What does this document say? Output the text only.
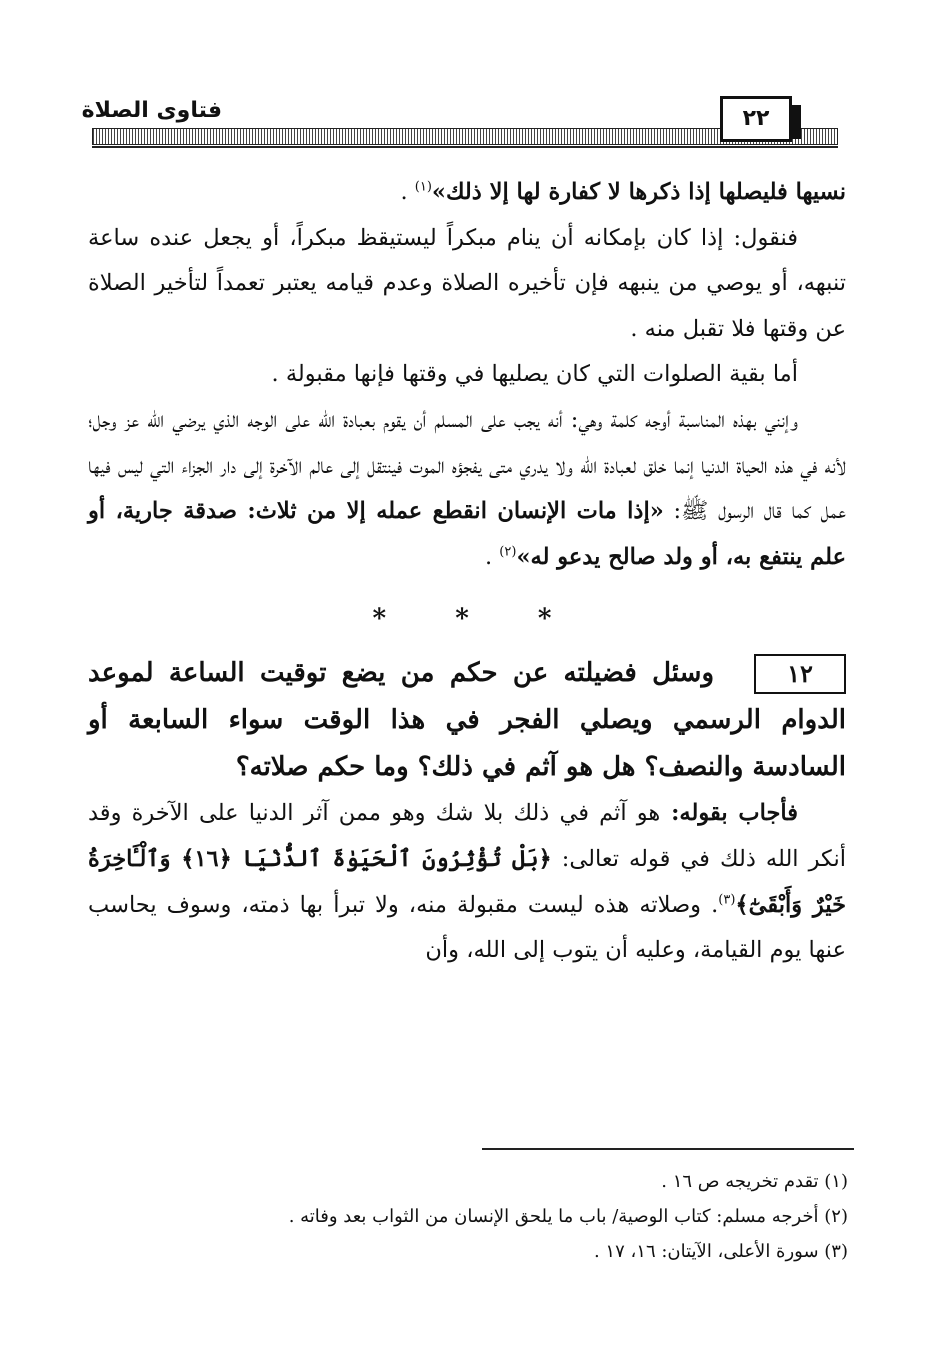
فتاوى الصلاة	٢٢

نسيها فليصلها إذا ذكرها لا كفارة لها إلا ذلك»$^{(١)}$ .

فنقول: إذا كان بإمكانه أن ينام مبكراً ليستيقظ مبكراً، أو يجعل عنده ساعة تنبهه، أو يوصي من ينبهه فإن تأخيره الصلاة وعدم قيامه يعتبر تعمداً لتأخير الصلاة عن وقتها فلا تقبل منه .

أما بقية الصلوات التي كان يصليها في وقتها فإنها مقبولة .

وإنني بهذه المناسبة أوجه كلمة وهي: أنه يجب على المسلم أن يقوم بعبادة الله على الوجه الذي يرضي الله عز وجل؛ لأنه في هذه الحياة الدنيا إنما خلق لعبادة الله ولا يدري متى يفجؤه الموت فينتقل إلى عالم الآخرة إلى دار الجزاء التي ليس فيها عمل كما قال الرسول ﷺ: «إذا مات الإنسان انقطع عمله إلا من ثلاث: صدقة جارية، أو علم ينتفع به، أو ولد صالح يدعو له»$^{(٢)}$ .

* * *

١٢
وسئل فضيلته عن حكم من يضع توقيت الساعة لموعد الدوام الرسمي ويصلي الفجر في هذا الوقت سواء السابعة أو السادسة والنصف؟ هل هو آثم في ذلك؟ وما حكم صلاته؟

فأجاب بقوله: هو آثم في ذلك بلا شك وهو ممن آثر الدنيا على الآخرة وقد أنكر الله ذلك في قوله تعالى: ﴿بَلْ تُؤْثِرُونَ ٱلْحَيَوٰةَ ٱلدُّنْيَا ﴿١٦﴾ وَٱلْـَٔاخِرَةُ خَيْرٌ وَأَبْقَىٰٓ﴾$^{(٣)}$. وصلاته هذه ليست مقبولة منه، ولا تبرأ بها ذمته، وسوف يحاسب عنها يوم القيامة، وعليه أن يتوب إلى الله، وأن

(١) تقدم تخريجه ص ١٦ .

(٢) أخرجه مسلم: كتاب الوصية/ باب ما يلحق الإنسان من الثواب بعد وفاته .

(٣) سورة الأعلى، الآيتان: ١٦، ١٧ .
